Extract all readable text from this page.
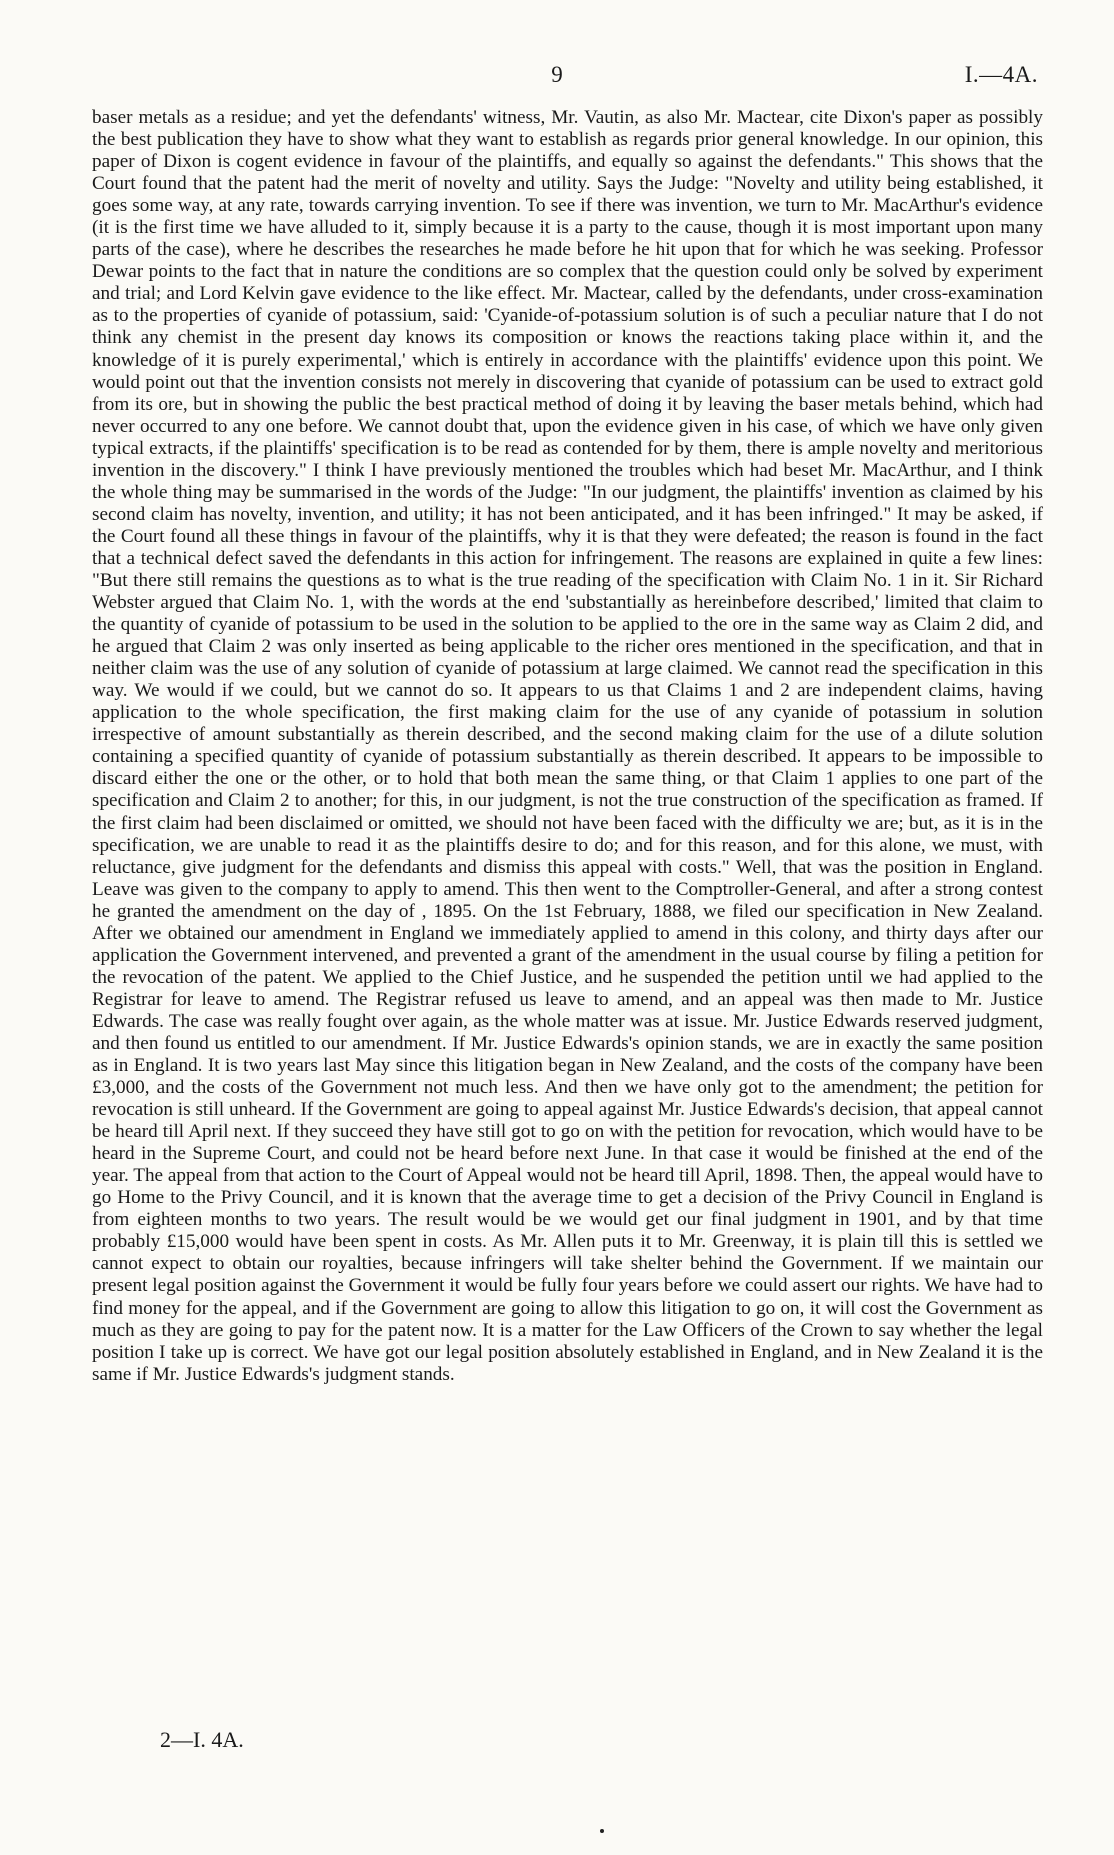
9	I.—4A.

baser metals as a residue; and yet the defendants' witness, Mr. Vautin, as also Mr. Mactear, cite Dixon's paper as possibly the best publication they have to show what they want to establish as regards prior general knowledge. In our opinion, this paper of Dixon is cogent evidence in favour of the plaintiffs, and equally so against the defendants." This shows that the Court found that the patent had the merit of novelty and utility. Says the Judge: "Novelty and utility being established, it goes some way, at any rate, towards carrying invention. To see if there was invention, we turn to Mr. MacArthur's evidence (it is the first time we have alluded to it, simply because it is a party to the cause, though it is most important upon many parts of the case), where he describes the researches he made before he hit upon that for which he was seeking. Professor Dewar points to the fact that in nature the conditions are so complex that the question could only be solved by experiment and trial; and Lord Kelvin gave evidence to the like effect. Mr. Mactear, called by the defendants, under cross-examination as to the properties of cyanide of potassium, said: 'Cyanide-of-potassium solution is of such a peculiar nature that I do not think any chemist in the present day knows its composition or knows the reactions taking place within it, and the knowledge of it is purely experimental,' which is entirely in accordance with the plaintiffs' evidence upon this point. We would point out that the invention consists not merely in discovering that cyanide of potassium can be used to extract gold from its ore, but in showing the public the best practical method of doing it by leaving the baser metals behind, which had never occurred to any one before. We cannot doubt that, upon the evidence given in his case, of which we have only given typical extracts, if the plaintiffs' specification is to be read as contended for by them, there is ample novelty and meritorious invention in the discovery." I think I have previously mentioned the troubles which had beset Mr. MacArthur, and I think the whole thing may be summarised in the words of the Judge: "In our judgment, the plaintiffs' invention as claimed by his second claim has novelty, invention, and utility; it has not been anticipated, and it has been infringed." It may be asked, if the Court found all these things in favour of the plaintiffs, why it is that they were defeated; the reason is found in the fact that a technical defect saved the defendants in this action for infringement. The reasons are explained in quite a few lines: "But there still remains the questions as to what is the true reading of the specification with Claim No. 1 in it. Sir Richard Webster argued that Claim No. 1, with the words at the end 'substantially as hereinbefore described,' limited that claim to the quantity of cyanide of potassium to be used in the solution to be applied to the ore in the same way as Claim 2 did, and he argued that Claim 2 was only inserted as being applicable to the richer ores mentioned in the specification, and that in neither claim was the use of any solution of cyanide of potassium at large claimed. We cannot read the specification in this way. We would if we could, but we cannot do so. It appears to us that Claims 1 and 2 are independent claims, having application to the whole specification, the first making claim for the use of any cyanide of potassium in solution irrespective of amount substantially as therein described, and the second making claim for the use of a dilute solution containing a specified quantity of cyanide of potassium substantially as therein described. It appears to be impossible to discard either the one or the other, or to hold that both mean the same thing, or that Claim 1 applies to one part of the specification and Claim 2 to another; for this, in our judgment, is not the true construction of the specification as framed. If the first claim had been disclaimed or omitted, we should not have been faced with the difficulty we are; but, as it is in the specification, we are unable to read it as the plaintiffs desire to do; and for this reason, and for this alone, we must, with reluctance, give judgment for the defendants and dismiss this appeal with costs." Well, that was the position in England. Leave was given to the company to apply to amend. This then went to the Comptroller-General, and after a strong contest he granted the amendment on the day of , 1895. On the 1st February, 1888, we filed our specification in New Zealand. After we obtained our amendment in England we immediately applied to amend in this colony, and thirty days after our application the Government intervened, and prevented a grant of the amendment in the usual course by filing a petition for the revocation of the patent. We applied to the Chief Justice, and he suspended the petition until we had applied to the Registrar for leave to amend. The Registrar refused us leave to amend, and an appeal was then made to Mr. Justice Edwards. The case was really fought over again, as the whole matter was at issue. Mr. Justice Edwards reserved judgment, and then found us entitled to our amendment. If Mr. Justice Edwards's opinion stands, we are in exactly the same position as in England. It is two years last May since this litigation began in New Zealand, and the costs of the company have been £3,000, and the costs of the Government not much less. And then we have only got to the amendment; the petition for revocation is still unheard. If the Government are going to appeal against Mr. Justice Edwards's decision, that appeal cannot be heard till April next. If they succeed they have still got to go on with the petition for revocation, which would have to be heard in the Supreme Court, and could not be heard before next June. In that case it would be finished at the end of the year. The appeal from that action to the Court of Appeal would not be heard till April, 1898. Then, the appeal would have to go Home to the Privy Council, and it is known that the average time to get a decision of the Privy Council in England is from eighteen months to two years. The result would be we would get our final judgment in 1901, and by that time probably £15,000 would have been spent in costs. As Mr. Allen puts it to Mr. Greenway, it is plain till this is settled we cannot expect to obtain our royalties, because infringers will take shelter behind the Government. If we maintain our present legal position against the Government it would be fully four years before we could assert our rights. We have had to find money for the appeal, and if the Government are going to allow this litigation to go on, it will cost the Government as much as they are going to pay for the patent now. It is a matter for the Law Officers of the Crown to say whether the legal position I take up is correct. We have got our legal position absolutely established in England, and in New Zealand it is the same if Mr. Justice Edwards's judgment stands.

2—I. 4A.
